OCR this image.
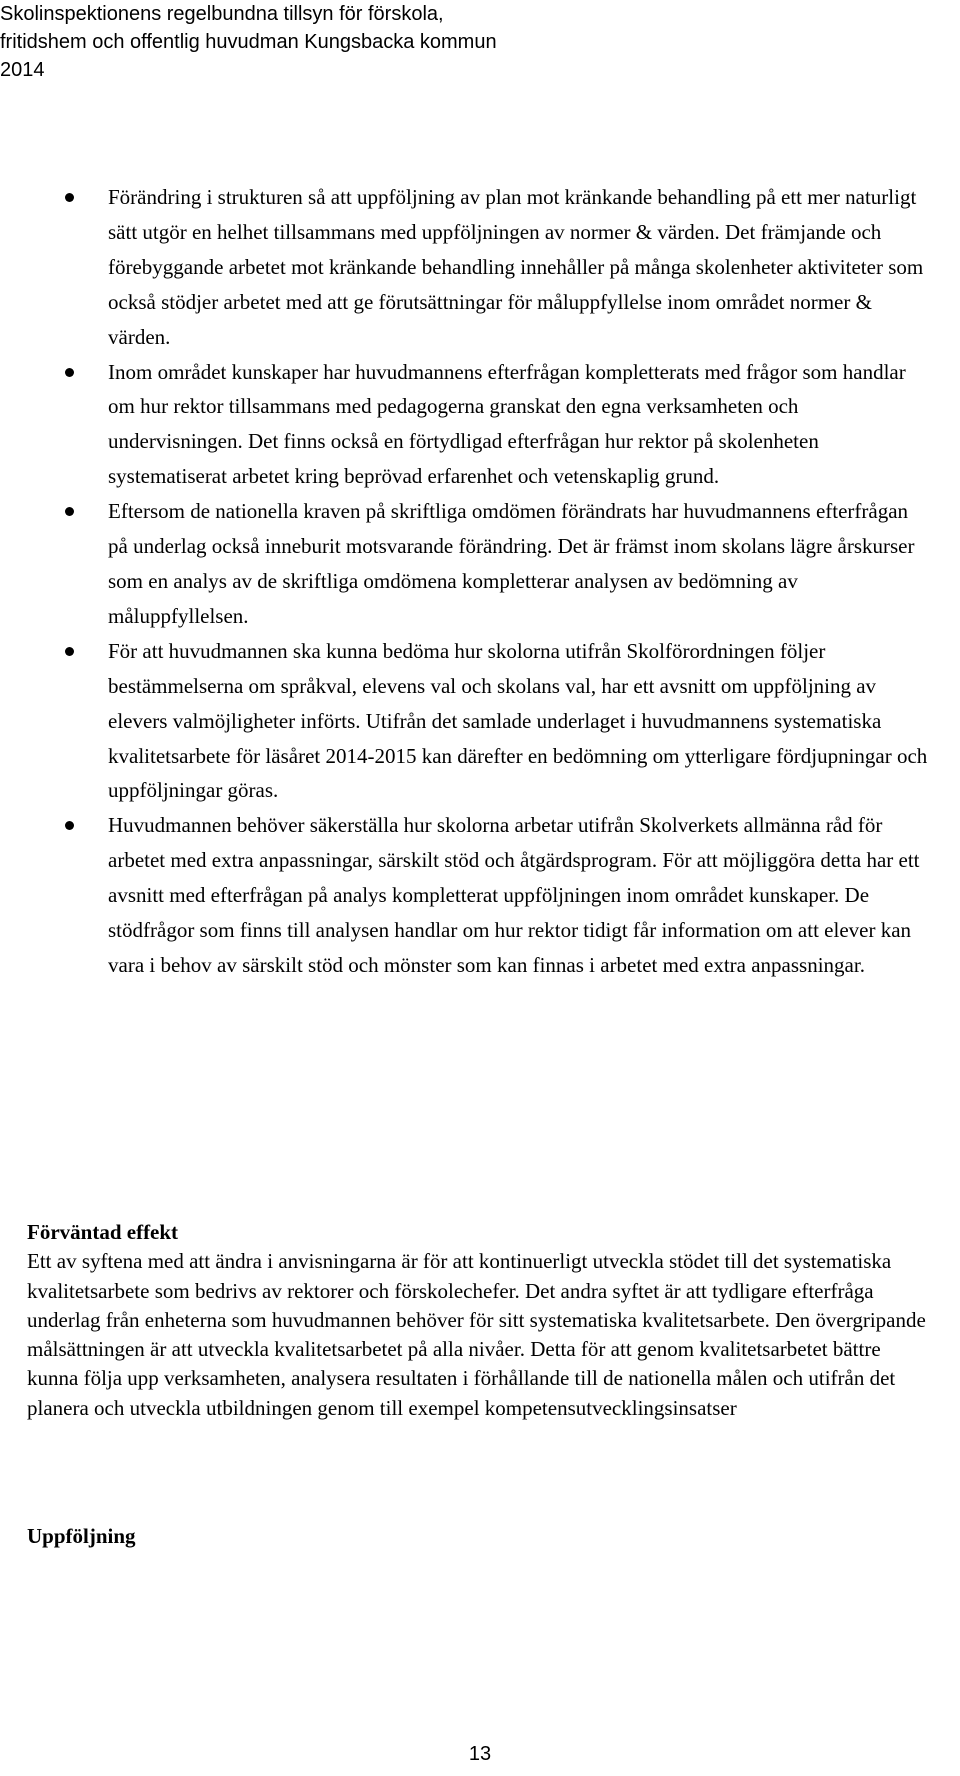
Skolinspektionens regelbundna tillsyn för förskola,
fritidshem och offentlig huvudman Kungsbacka kommun
2014
Förändring i strukturen så att uppföljning av plan mot kränkande behandling på ett mer naturligt sätt utgör en helhet tillsammans med uppföljningen av normer & värden. Det främjande och förebyggande arbetet mot kränkande behandling innehåller på många skolenheter aktiviteter som också stödjer arbetet med att ge förutsättningar för måluppfyllelse inom området normer & värden.
Inom området kunskaper har huvudmannens efterfrågan kompletterats med frågor som handlar om hur rektor tillsammans med pedagogerna granskat den egna verksamheten och undervisningen. Det finns också en förtydligad efterfrågan hur rektor på skolenheten systematiserat arbetet kring beprövad erfarenhet och vetenskaplig grund.
Eftersom de nationella kraven på skriftliga omdömen förändrats har huvudmannens efterfrågan på underlag också inneburit motsvarande förändring. Det är främst inom skolans lägre årskurser som en analys av de skriftliga omdömena kompletterar analysen av bedömning av måluppfyllelsen.
För att huvudmannen ska kunna bedöma hur skolorna utifrån Skolförordningen följer bestämmelserna om språkval, elevens val och skolans val, har ett avsnitt om uppföljning av elevers valmöjligheter införts. Utifrån det samlade underlaget i huvudmannens systematiska kvalitetsarbete för läsåret 2014-2015 kan därefter en bedömning om ytterligare fördjupningar och uppföljningar göras.
Huvudmannen behöver säkerställa hur skolorna arbetar utifrån Skolverkets allmänna råd för arbetet med extra anpassningar, särskilt stöd och åtgärdsprogram. För att möjliggöra detta har ett avsnitt med efterfrågan på analys kompletterat uppföljningen inom området kunskaper. De stödfrågor som finns till analysen handlar om hur rektor tidigt får information om att elever kan vara i behov av särskilt stöd och mönster som kan finnas i arbetet med extra anpassningar.
Förväntad effekt

Ett av syftena med att ändra i anvisningarna är för att kontinuerligt utveckla stödet till det systematiska kvalitetsarbete som bedrivs av rektorer och förskolechefer. Det andra syftet är att tydligare efterfråga underlag från enheterna som huvudmannen behöver för sitt systematiska kvalitetsarbete. Den övergripande målsättningen är att utveckla kvalitetsarbetet på alla nivåer. Detta för att genom kvalitetsarbetet bättre kunna följa upp verksamheten, analysera resultaten i förhållande till de nationella målen och utifrån det planera och utveckla utbildningen genom till exempel kompetensutvecklingsinsatser

Uppföljning
13
